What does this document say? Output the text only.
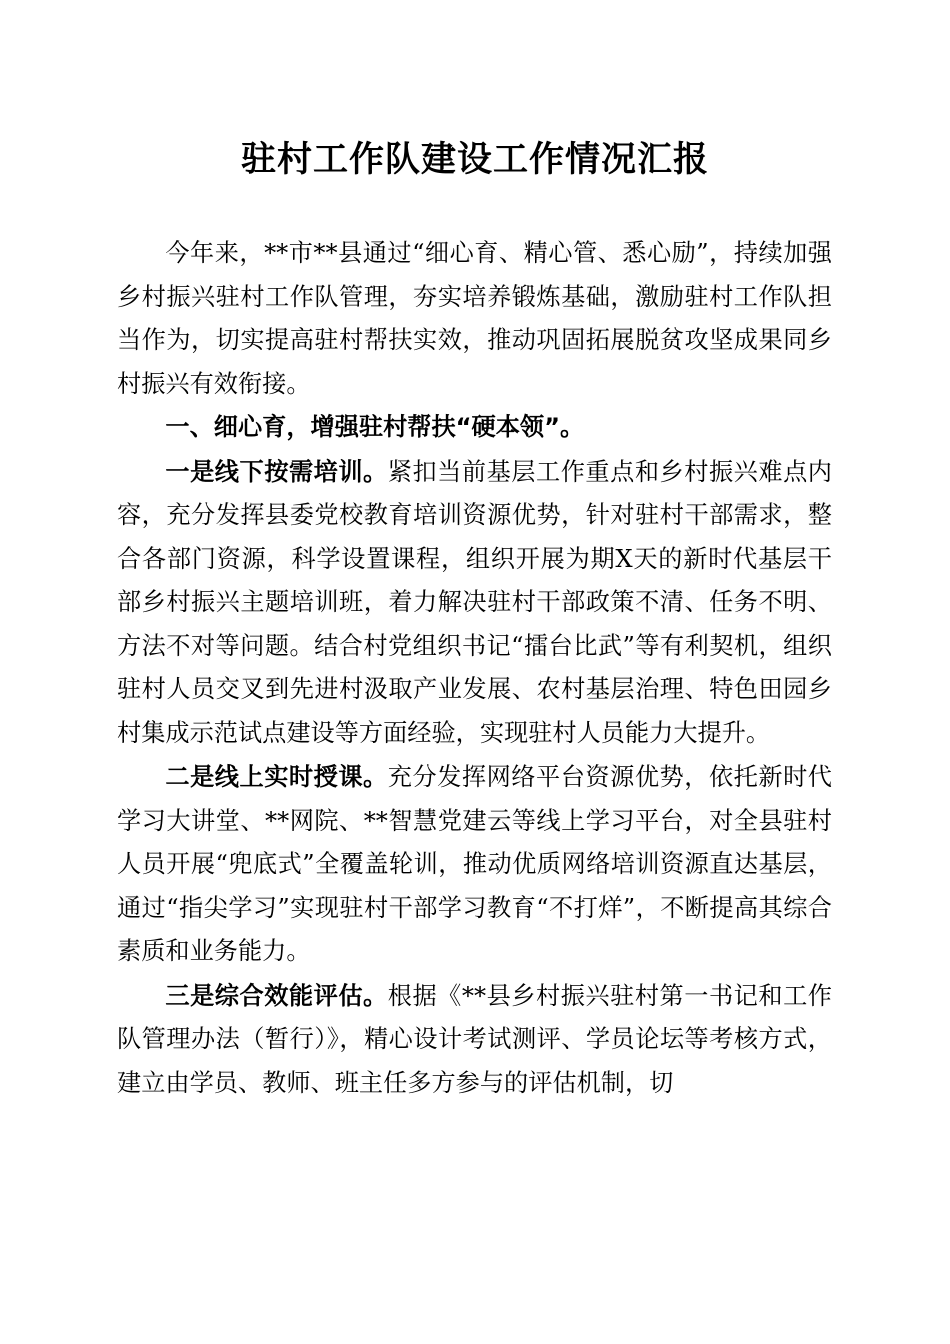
驻村工作队建设工作情况汇报

今年来，**市**县通过“细心育、精心管、悉心励”，持续加强乡村振兴驻村工作队管理，夯实培养锻炼基础，激励驻村工作队担当作为，切实提高驻村帮扶实效，推动巩固拓展脱贫攻坚成果同乡村振兴有效衔接。

一、细心育，增强驻村帮扶“硬本领”。

一是线下按需培训。紧扣当前基层工作重点和乡村振兴难点内容，充分发挥县委党校教育培训资源优势，针对驻村干部需求，整合各部门资源，科学设置课程，组织开展为期X天的新时代基层干部乡村振兴主题培训班，着力解决驻村干部政策不清、任务不明、方法不对等问题。结合村党组织书记“擂台比武”等有利契机，组织驻村人员交叉到先进村汲取产业发展、农村基层治理、特色田园乡村集成示范试点建设等方面经验，实现驻村人员能力大提升。

二是线上实时授课。充分发挥网络平台资源优势，依托新时代学习大讲堂、**网院、**智慧党建云等线上学习平台，对全县驻村人员开展“兜底式”全覆盖轮训，推动优质网络培训资源直达基层，通过“指尖学习”实现驻村干部学习教育“不打烊”，不断提高其综合素质和业务能力。

三是综合效能评估。根据《**县乡村振兴驻村第一书记和工作队管理办法（暂行）》，精心设计考试测评、学员论坛等考核方式，建立由学员、教师、班主任多方参与的评估机制，切
